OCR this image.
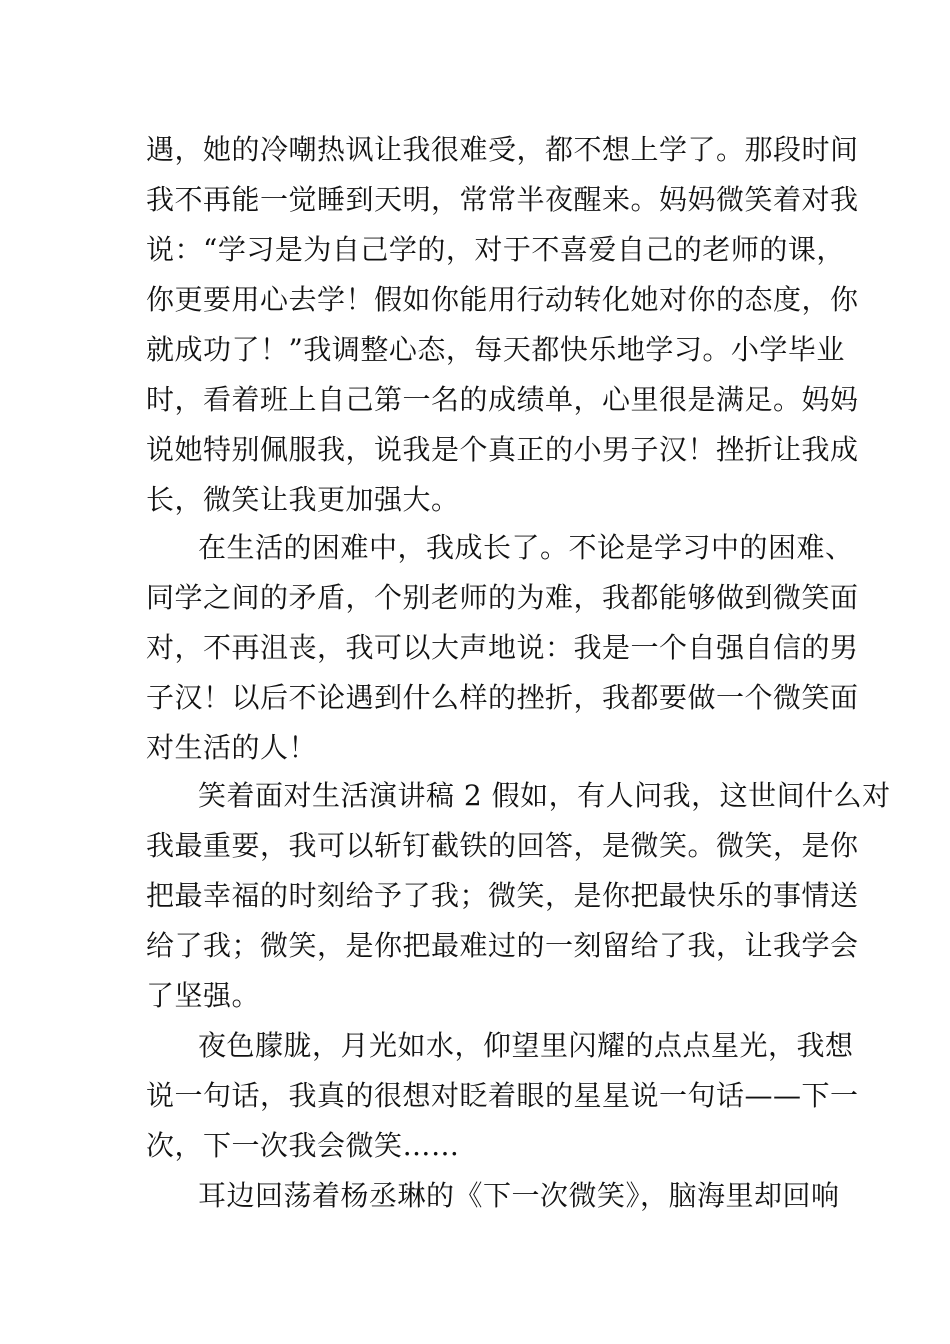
遇，她的冷嘲热讽让我很难受，都不想上学了。那段时间
我不再能一觉睡到天明，常常半夜醒来。妈妈微笑着对我
说：“学习是为自己学的，对于不喜爱自己的老师的课，
你更要用心去学！假如你能用行动转化她对你的态度，你
就成功了！”我调整心态，每天都快乐地学习。小学毕业
时，看着班上自己第一名的成绩单，心里很是满足。妈妈
说她特别佩服我，说我是个真正的小男子汉！挫折让我成
长，微笑让我更加强大。
在生活的困难中，我成长了。不论是学习中的困难、
同学之间的矛盾，个别老师的为难，我都能够做到微笑面
对，不再沮丧，我可以大声地说：我是一个自强自信的男
子汉！以后不论遇到什么样的挫折，我都要做一个微笑面
对生活的人！
笑着面对生活演讲稿 2 假如，有人问我，这世间什么对
我最重要，我可以斩钉截铁的回答，是微笑。微笑，是你
把最幸福的时刻给予了我；微笑，是你把最快乐的事情送
给了我；微笑，是你把最难过的一刻留给了我，让我学会
了坚强。
夜色朦胧，月光如水，仰望里闪耀的点点星光，我想
说一句话，我真的很想对眨着眼的星星说一句话——下一
次，下一次我会微笑……
耳边回荡着杨丞琳的《下一次微笑》，脑海里却回响
